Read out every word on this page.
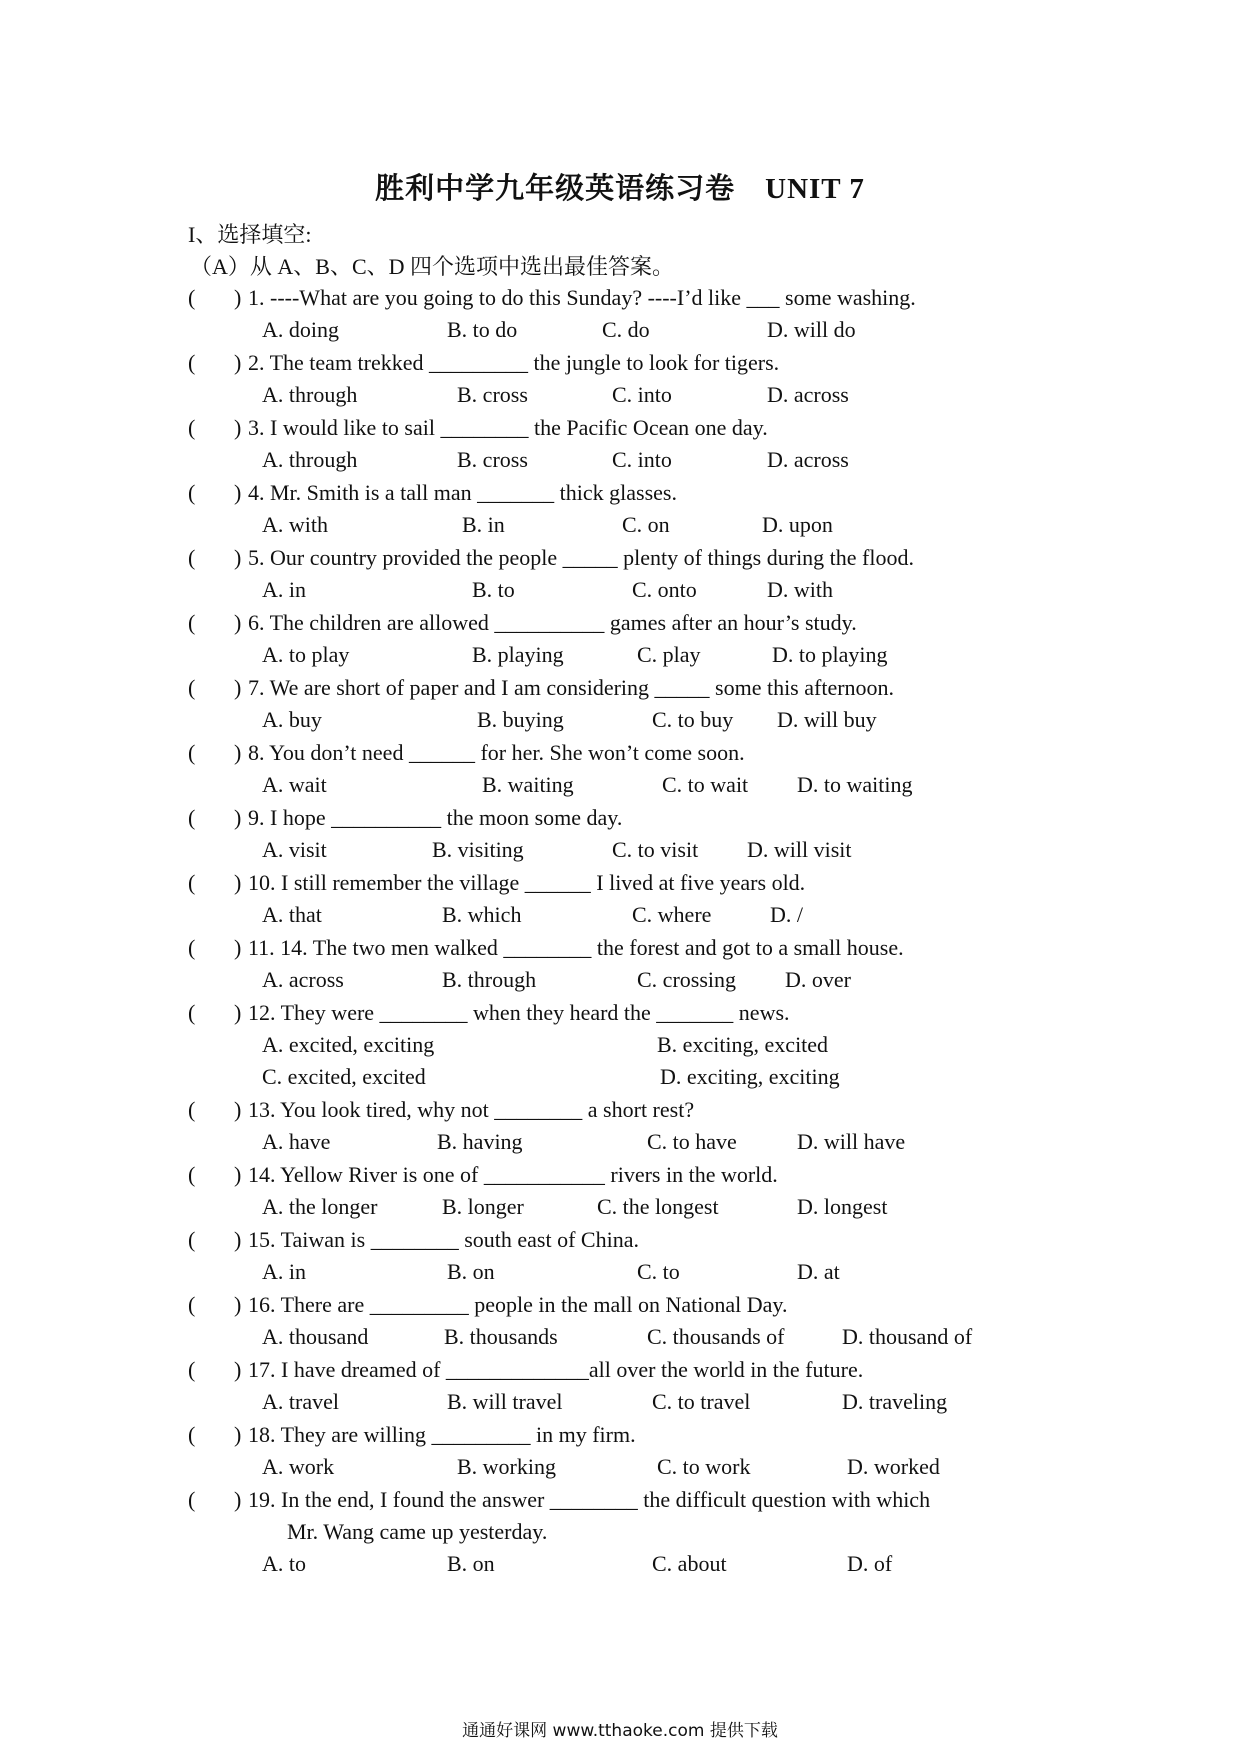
胜利中学九年级英语练习卷 UNIT 7
I、选择填空:
（A）从 A、B、C、D 四个选项中选出最佳答案。
( ) 1. ----What are you going to do this Sunday? ----I’d like ___ some washing.
A. doing	B. to do	C. do	D. will do
( ) 2. The team trekked _________ the jungle to look for tigers.
A. through	B. cross	C. into	D. across
( ) 3. I would like to sail ________ the Pacific Ocean one day.
A. through	B. cross	C. into	D. across
( ) 4. Mr. Smith is a tall man _______ thick glasses.
A. with	B. in	C. on	D. upon
( ) 5. Our country provided the people _____ plenty of things during the flood.
A. in	B. to	C. onto	D. with
( ) 6. The children are allowed __________ games after an hour’s study.
A. to play	B. playing	C. play	D. to playing
( ) 7. We are short of paper and I am considering _____ some this afternoon.
A. buy	B. buying	C. to buy D. will buy
( ) 8. You don’t need ______ for her. She won’t come soon.
A. wait	B. waiting	C. to wait D. to waiting
( ) 9. I hope __________ the moon some day.
A. visit	B. visiting	C. to visit D. will visit
( ) 10. I still remember the village ______ I lived at five years old.
A. that	B. which	C. where	D. /
( ) 11. 14. The two men walked ________ the forest and got to a small house.
A. across	B. through	C. crossing D. over
( ) 12. They were ________ when they heard the _______ news.
A. excited, exciting	B. exciting, excited
C. excited, excited	D. exciting, exciting
( ) 13. You look tired, why not ________ a short rest?
A. have	B. having	C. to have	D. will have
( ) 14. Yellow River is one of ___________ rivers in the world.
A. the longer	B. longer	C. the longest	D. longest
( ) 15. Taiwan is ________ south east of China.
A. in	B. on	C. to	D. at
( ) 16. There are _________ people in the mall on National Day.
A. thousand	B. thousands	C. thousands of	D. thousand of
( ) 17. I have dreamed of _____________all over the world in the future.
A. travel	B. will travel	C. to travel	D. traveling
( ) 18. They are willing _________ in my firm.
A. work	B. working	C. to work	D. worked
( ) 19. In the end, I found the answer ________ the difficult question with which
Mr. Wang came up yesterday.
A. to	B. on	C. about	D. of
通通好课网 www.tthaoke.com 提供下载
